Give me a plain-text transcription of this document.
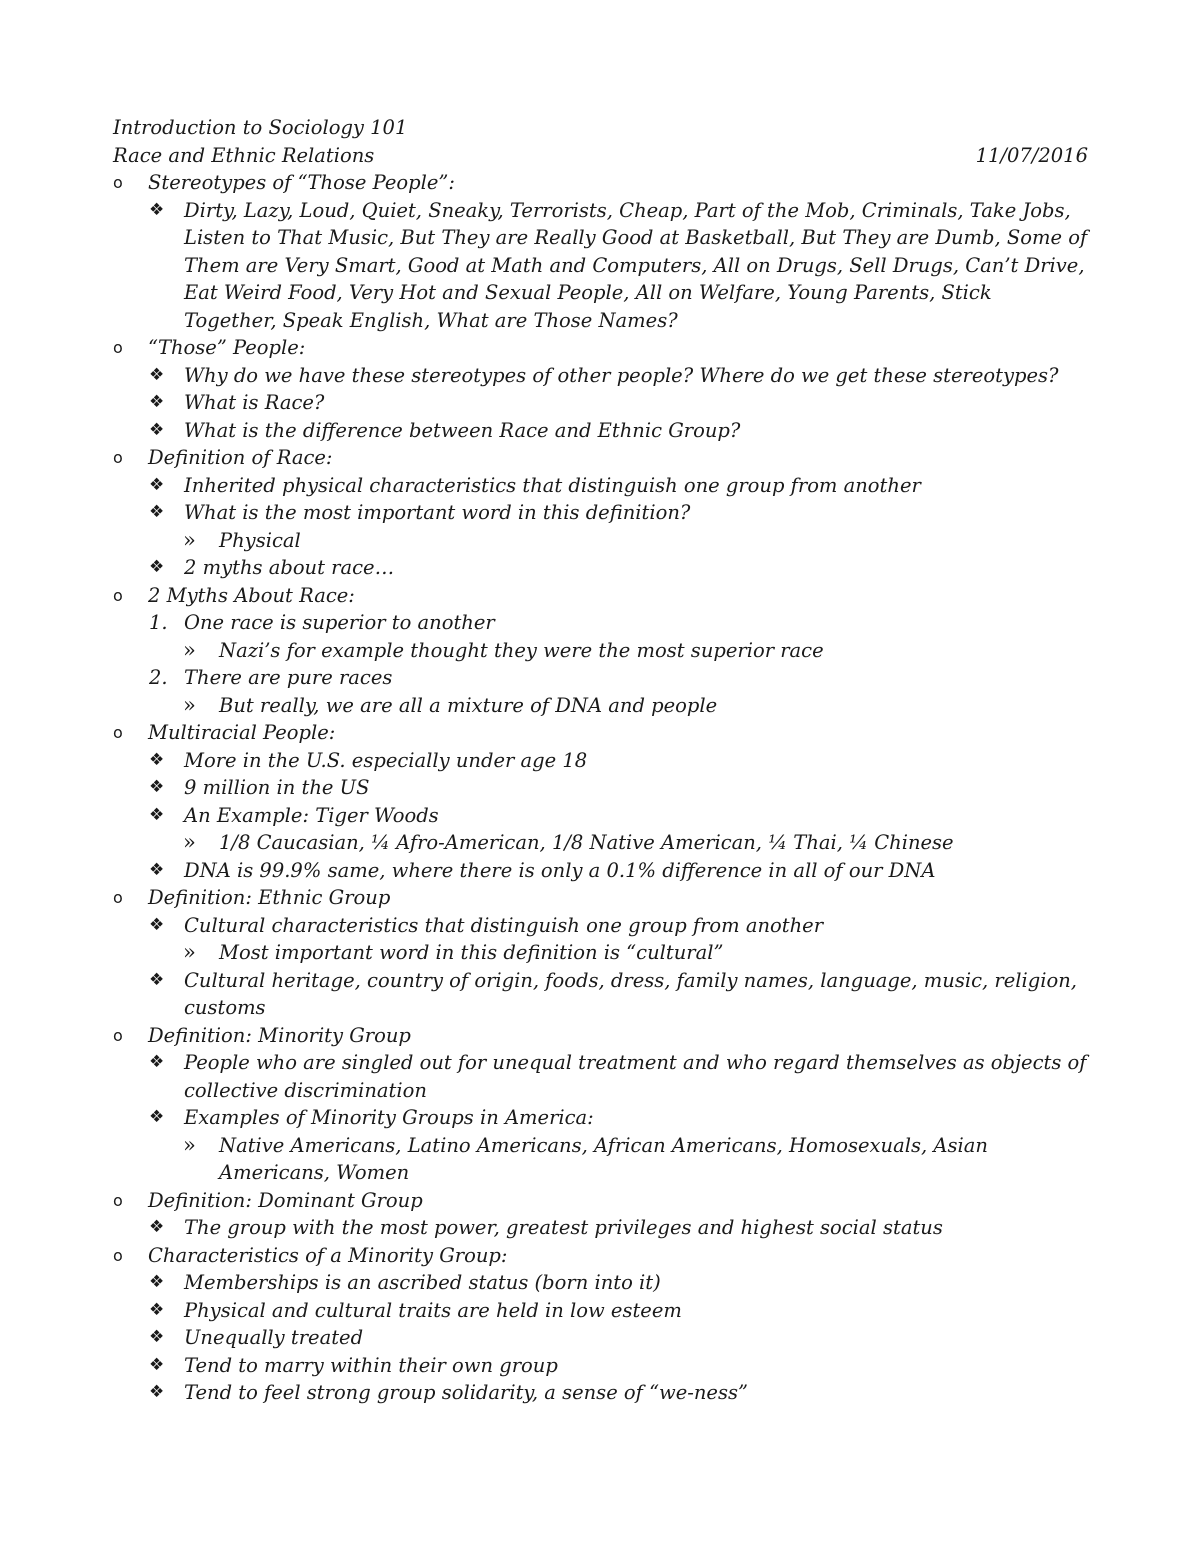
Introduction to Sociology 101
Race and Ethnic Relations	11/07/2016
o Stereotypes of “Those People”:
❖ Dirty, Lazy, Loud, Quiet, Sneaky, Terrorists, Cheap, Part of the Mob, Criminals, Take Jobs, Listen to That Music, But They are Really Good at Basketball, But They are Dumb, Some of Them are Very Smart, Good at Math and Computers, All on Drugs, Sell Drugs, Can’t Drive, Eat Weird Food, Very Hot and Sexual People, All on Welfare, Young Parents, Stick Together, Speak English, What are Those Names?
o “Those” People:
❖ Why do we have these stereotypes of other people? Where do we get these stereotypes?
❖ What is Race?
❖ What is the difference between Race and Ethnic Group?
o Definition of Race:
❖ Inherited physical characteristics that distinguish one group from another
❖ What is the most important word in this definition?
» Physical
❖ 2 myths about race…
o 2 Myths About Race:
1. One race is superior to another
» Nazi’s for example thought they were the most superior race
2. There are pure races
» But really, we are all a mixture of DNA and people
o Multiracial People:
❖ More in the U.S. especially under age 18
❖ 9 million in the US
❖ An Example: Tiger Woods
» 1/8 Caucasian, ¼ Afro-American, 1/8 Native American, ¼ Thai, ¼ Chinese
❖ DNA is 99.9% same, where there is only a 0.1% difference in all of our DNA
o Definition: Ethnic Group
❖ Cultural characteristics that distinguish one group from another
» Most important word in this definition is “cultural”
❖ Cultural heritage, country of origin, foods, dress, family names, language, music, religion, customs
o Definition: Minority Group
❖ People who are singled out for unequal treatment and who regard themselves as objects of collective discrimination
❖ Examples of Minority Groups in America:
» Native Americans, Latino Americans, African Americans, Homosexuals, Asian Americans, Women
o Definition: Dominant Group
❖ The group with the most power, greatest privileges and highest social status
o Characteristics of a Minority Group:
❖ Memberships is an ascribed status (born into it)
❖ Physical and cultural traits are held in low esteem
❖ Unequally treated
❖ Tend to marry within their own group
❖ Tend to feel strong group solidarity, a sense of “we-ness”
